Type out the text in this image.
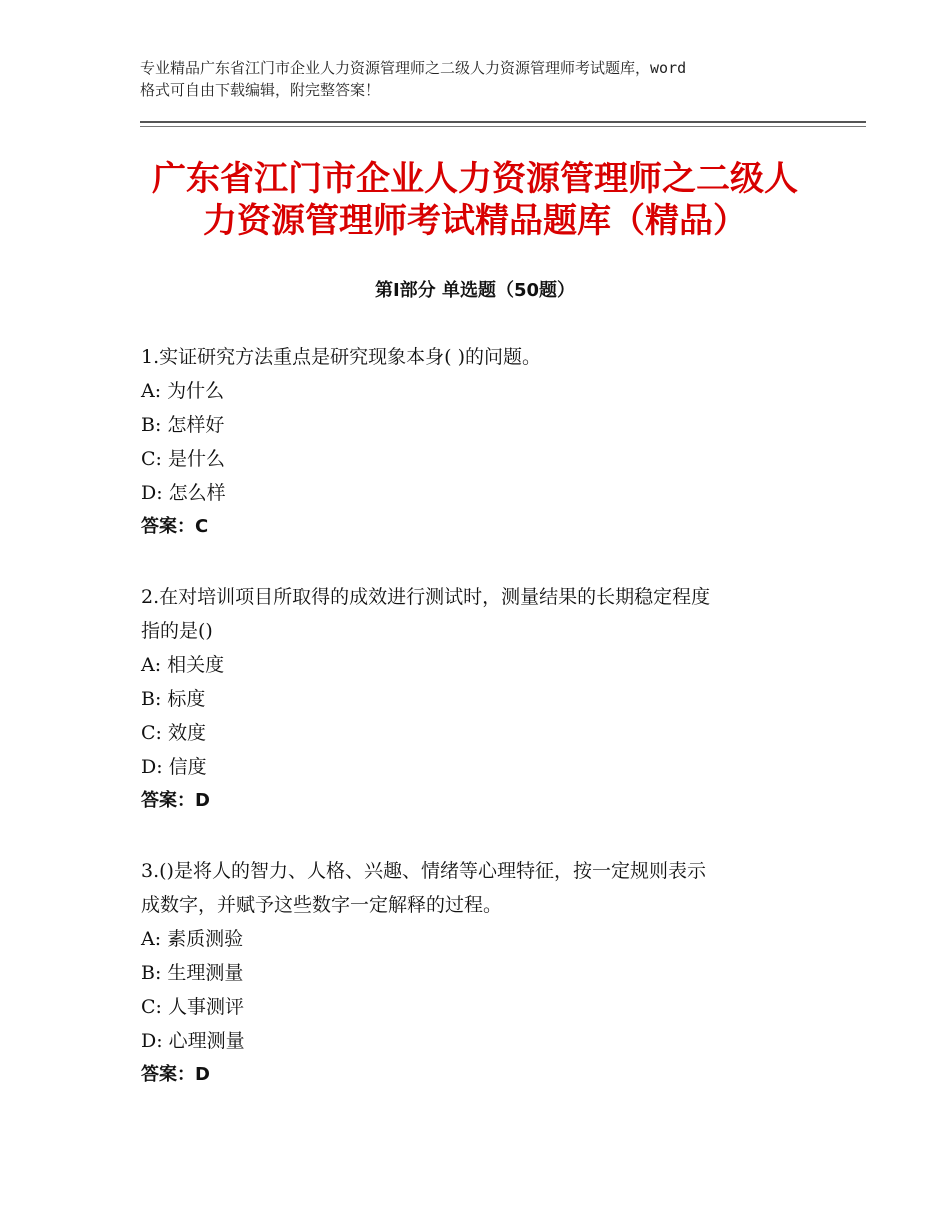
专业精品广东省江门市企业人力资源管理师之二级人力资源管理师考试题库，word
格式可自由下载编辑，附完整答案！
广东省江门市企业人力资源管理师之二级人
力资源管理师考试精品题库（精品）
第Ⅰ部分 单选题（50题）
1.实证研究方法重点是研究现象本身( )的问题。
A: 为什么
B: 怎样好
C: 是什么
D: 怎么样
答案：C
2.在对培训项目所取得的成效进行测试时，测量结果的长期稳定程度
指的是()
A: 相关度
B: 标度
C: 效度
D: 信度
答案：D
3.()是将人的智力、人格、兴趣、情绪等心理特征，按一定规则表示
成数字，并赋予这些数字一定解释的过程。
A: 素质测验
B: 生理测量
C: 人事测评
D: 心理测量
答案：D
